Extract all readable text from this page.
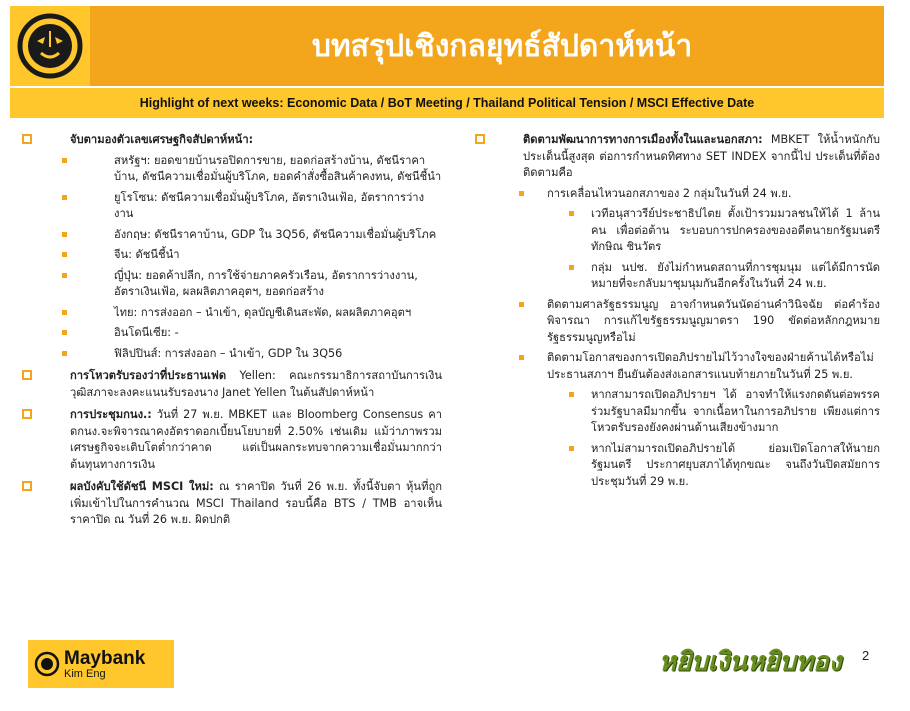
บทสรุปเชิงกลยุทธ์สัปดาห์หน้า
Highlight of next weeks: Economic Data / BoT Meeting / Thailand Political Tension / MSCI Effective Date
จับตามองตัวเลขเศรษฐกิจสัปดาห์หน้า:
สหรัฐฯ: ยอดขายบ้านรอปิดการขาย, ยอดก่อสร้างบ้าน, ดัชนีราคาบ้าน, ดัชนีความเชื่อมั่นผู้บริโภค, ยอดคำสั่งซื้อสินค้าคงทน, ดัชนีชี้นำ
ยูโรโซน: ดัชนีความเชื่อมั่นผู้บริโภค, อัตราเงินเฟ้อ, อัตราการว่างงาน
อังกฤษ: ดัชนีราคาบ้าน, GDP ใน 3Q56, ดัชนีความเชื่อมั่นผู้บริโภค
จีน: ดัชนีชี้นำ
ญี่ปุ่น: ยอดค้าปลีก, การใช้จ่ายภาคครัวเรือน, อัตราการว่างงาน, อัตราเงินเฟ้อ, ผลผลิตภาคอุตฯ, ยอดก่อสร้าง
ไทย: การส่งออก – นำเข้า, ดุลบัญชีเดินสะพัด, ผลผลิตภาคอุตฯ
อินโดนีเซีย: -
ฟิลิปปินส์: การส่งออก – นำเข้า, GDP ใน 3Q56
การโหวตรับรองว่าที่ประธานเฟด Yellen: คณะกรรมาธิการสถาบันการเงินวุฒิสภาจะลงคะแนนรับรองนาง Janet Yellen ในต้นสัปดาห์หน้า
การประชุมกนง.: วันที่ 27 พ.ย. MBKET และ Bloomberg Consensus คาดกนง.จะพิจารณาคงอัตราดอกเบี้ยนโยบายที่ 2.50% เช่นเดิม แม้ว่าภาพรวมเศรษฐกิจจะเติบโตต่ำกว่าคาด แต่เป็นผลกระทบจากความเชื่อมั่นมากกว่า ต้นทุนทางการเงิน
ผลบังคับใช้ดัชนี MSCI ใหม่: ณ ราคาปิด วันที่ 26 พ.ย. ทั้งนี้จับตา หุ้นที่ถูกเพิ่มเข้าไปในการคำนวณ MSCI Thailand รอบนี้คือ BTS / TMB อาจเห็นราคาปิด ณ วันที่ 26 พ.ย. ผิดปกติ
ติดตามพัฒนาการทางการเมืองทั้งในและนอกสภา: MBKET ให้น้ำหนักกับประเด็นนี้สูงสุด ต่อการกำหนดทิศทาง SET INDEX จากนี้ไป ประเด็นที่ต้องติดตามคือ
การเคลื่อนไหวนอกสภาของ 2 กลุ่มในวันที่ 24 พ.ย.
เวทีอนุสาวรีย์ประชาธิปไตย ตั้งเป้ารวมมวลชนให้ได้ 1 ล้านคน เพื่อต่อต้าน ระบอบการปกครองของอดีตนายกรัฐมนตรีทักษิณ ชินวัตร
กลุ่ม นปช. ยังไม่กำหนดสถานที่การชุมนุม แต่ได้มีการนัดหมายที่จะกลับมาชุมนุมกันอีกครั้งในวันที่ 24 พ.ย.
ติดตามศาลรัฐธรรมนูญ อาจกำหนดวันนัดอ่านคำวินิจฉัย ต่อคำร้องพิจารณา การแก้ไขรัฐธรรมนูญมาตรา 190 ขัดต่อหลักกฎหมายรัฐธรรมนูญหรือไม่
ติดตามโอกาสของการเปิดอภิปรายไม่ไว้วางใจของฝ่ายค้านได้หรือไม่ ประธานสภาฯ ยืนยันต้องส่งเอกสารแนบท้ายภายในวันที่ 25 พ.ย.
หากสามารถเปิดอภิปรายฯ ได้ อาจทำให้แรงกดดันต่อพรรคร่วมรัฐบาลมีมากขึ้น จากเนื้อหาในการอภิปราย เพียงแต่การโหวตรับรองยังคงผ่านด้านเสียงข้างมาก
หากไม่สามารถเปิดอภิปรายได้ ย่อมเปิดโอกาสให้นายกรัฐมนตรี ประกาศยุบสภาได้ทุกขณะ จนถึงวันปิดสมัยการประชุมวันที่ 29 พ.ย.
Maybank
Kim Eng	หยิบเงินหยิบทอง	2
